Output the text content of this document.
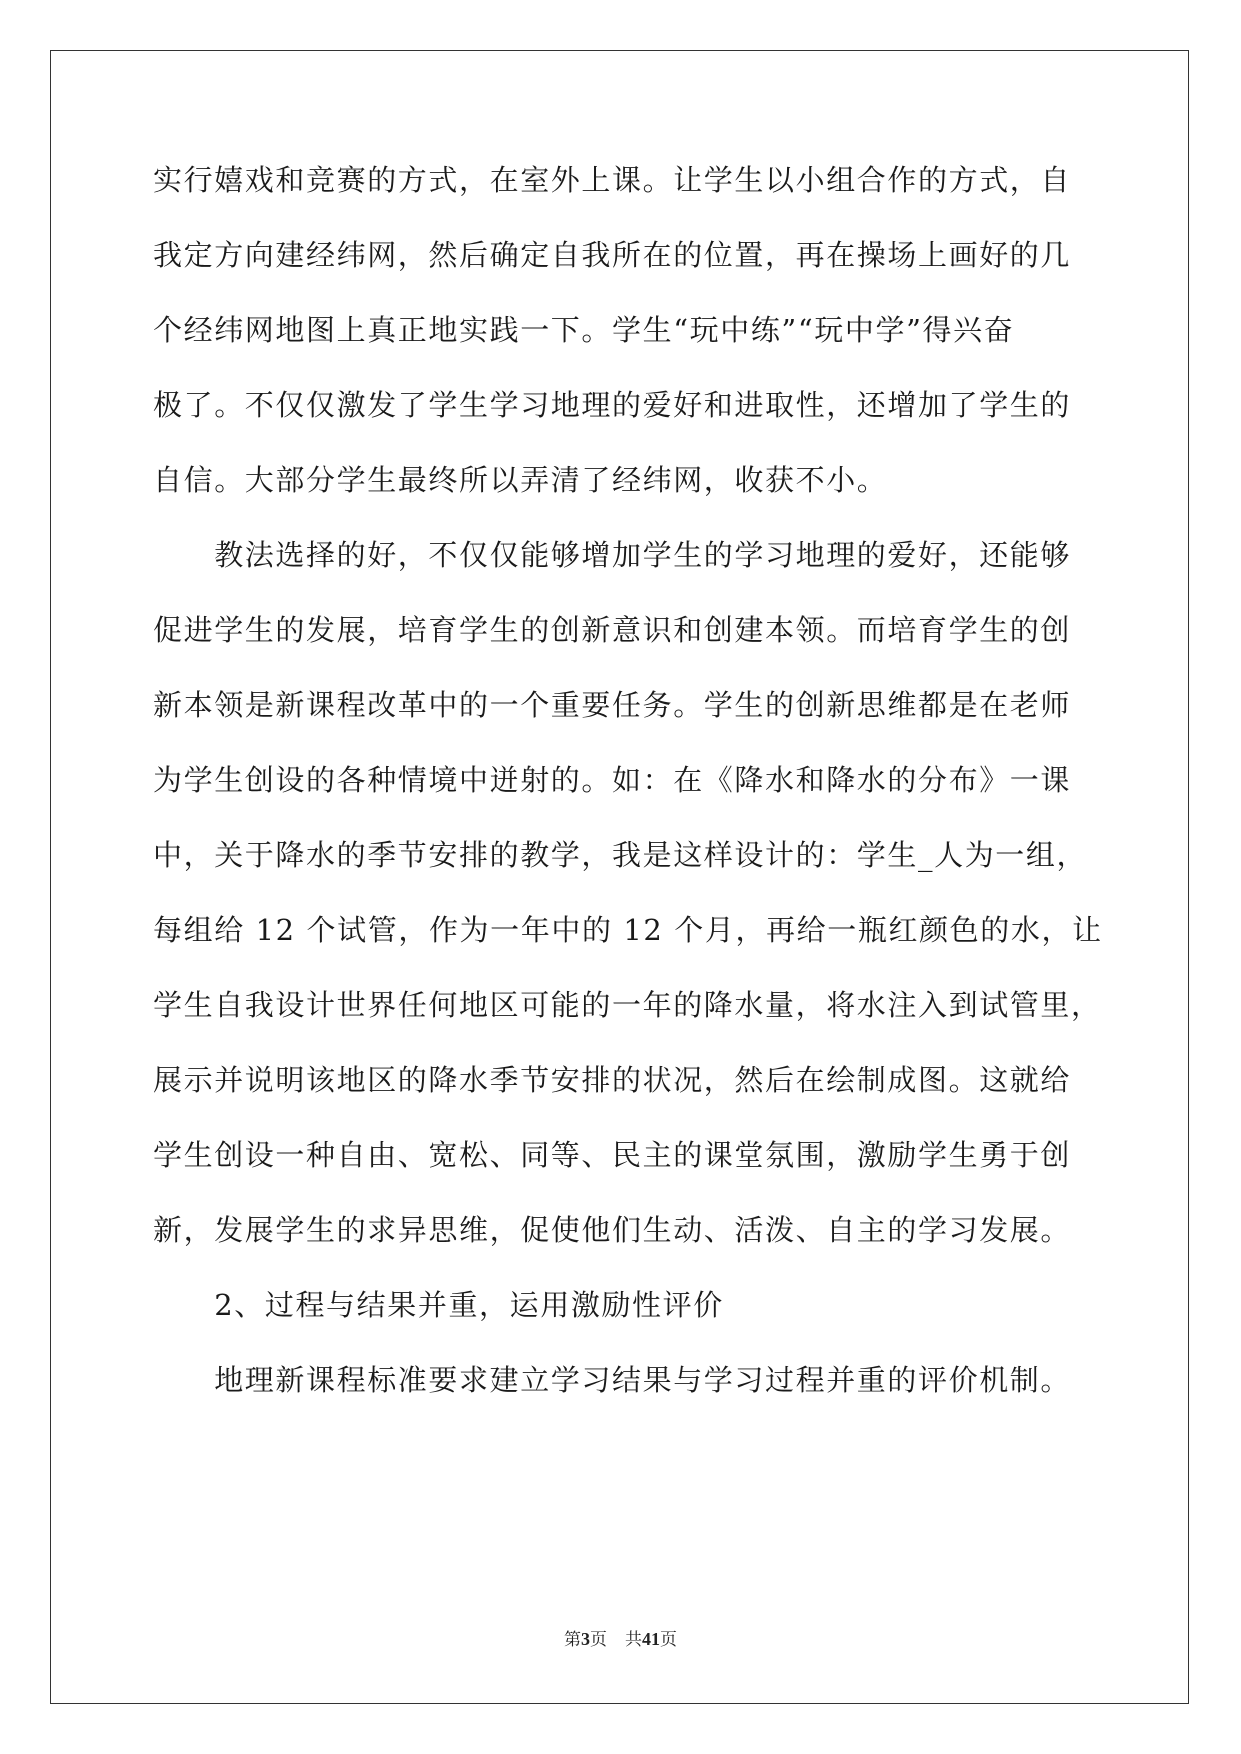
实行嬉戏和竞赛的方式，在室外上课。让学生以小组合作的方式，自
我定方向建经纬网，然后确定自我所在的位置，再在操场上画好的几
个经纬网地图上真正地实践一下。学生“玩中练”“玩中学”得兴奋
极了。不仅仅激发了学生学习地理的爱好和进取性，还增加了学生的
自信。大部分学生最终所以弄清了经纬网，收获不小。
　　教法选择的好，不仅仅能够增加学生的学习地理的爱好，还能够
促进学生的发展，培育学生的创新意识和创建本领。而培育学生的创
新本领是新课程改革中的一个重要任务。学生的创新思维都是在老师
为学生创设的各种情境中迸射的。如：在《降水和降水的分布》一课
中，关于降水的季节安排的教学，我是这样设计的：学生_人为一组，
每组给 12 个试管，作为一年中的 12 个月，再给一瓶红颜色的水，让
学生自我设计世界任何地区可能的一年的降水量，将水注入到试管里，
展示并说明该地区的降水季节安排的状况，然后在绘制成图。这就给
学生创设一种自由、宽松、同等、民主的课堂氛围，激励学生勇于创
新，发展学生的求异思维，促使他们生动、活泼、自主的学习发展。
　　2、过程与结果并重，运用激励性评价
　　地理新课程标准要求建立学习结果与学习过程并重的评价机制。
第3页 共41页
